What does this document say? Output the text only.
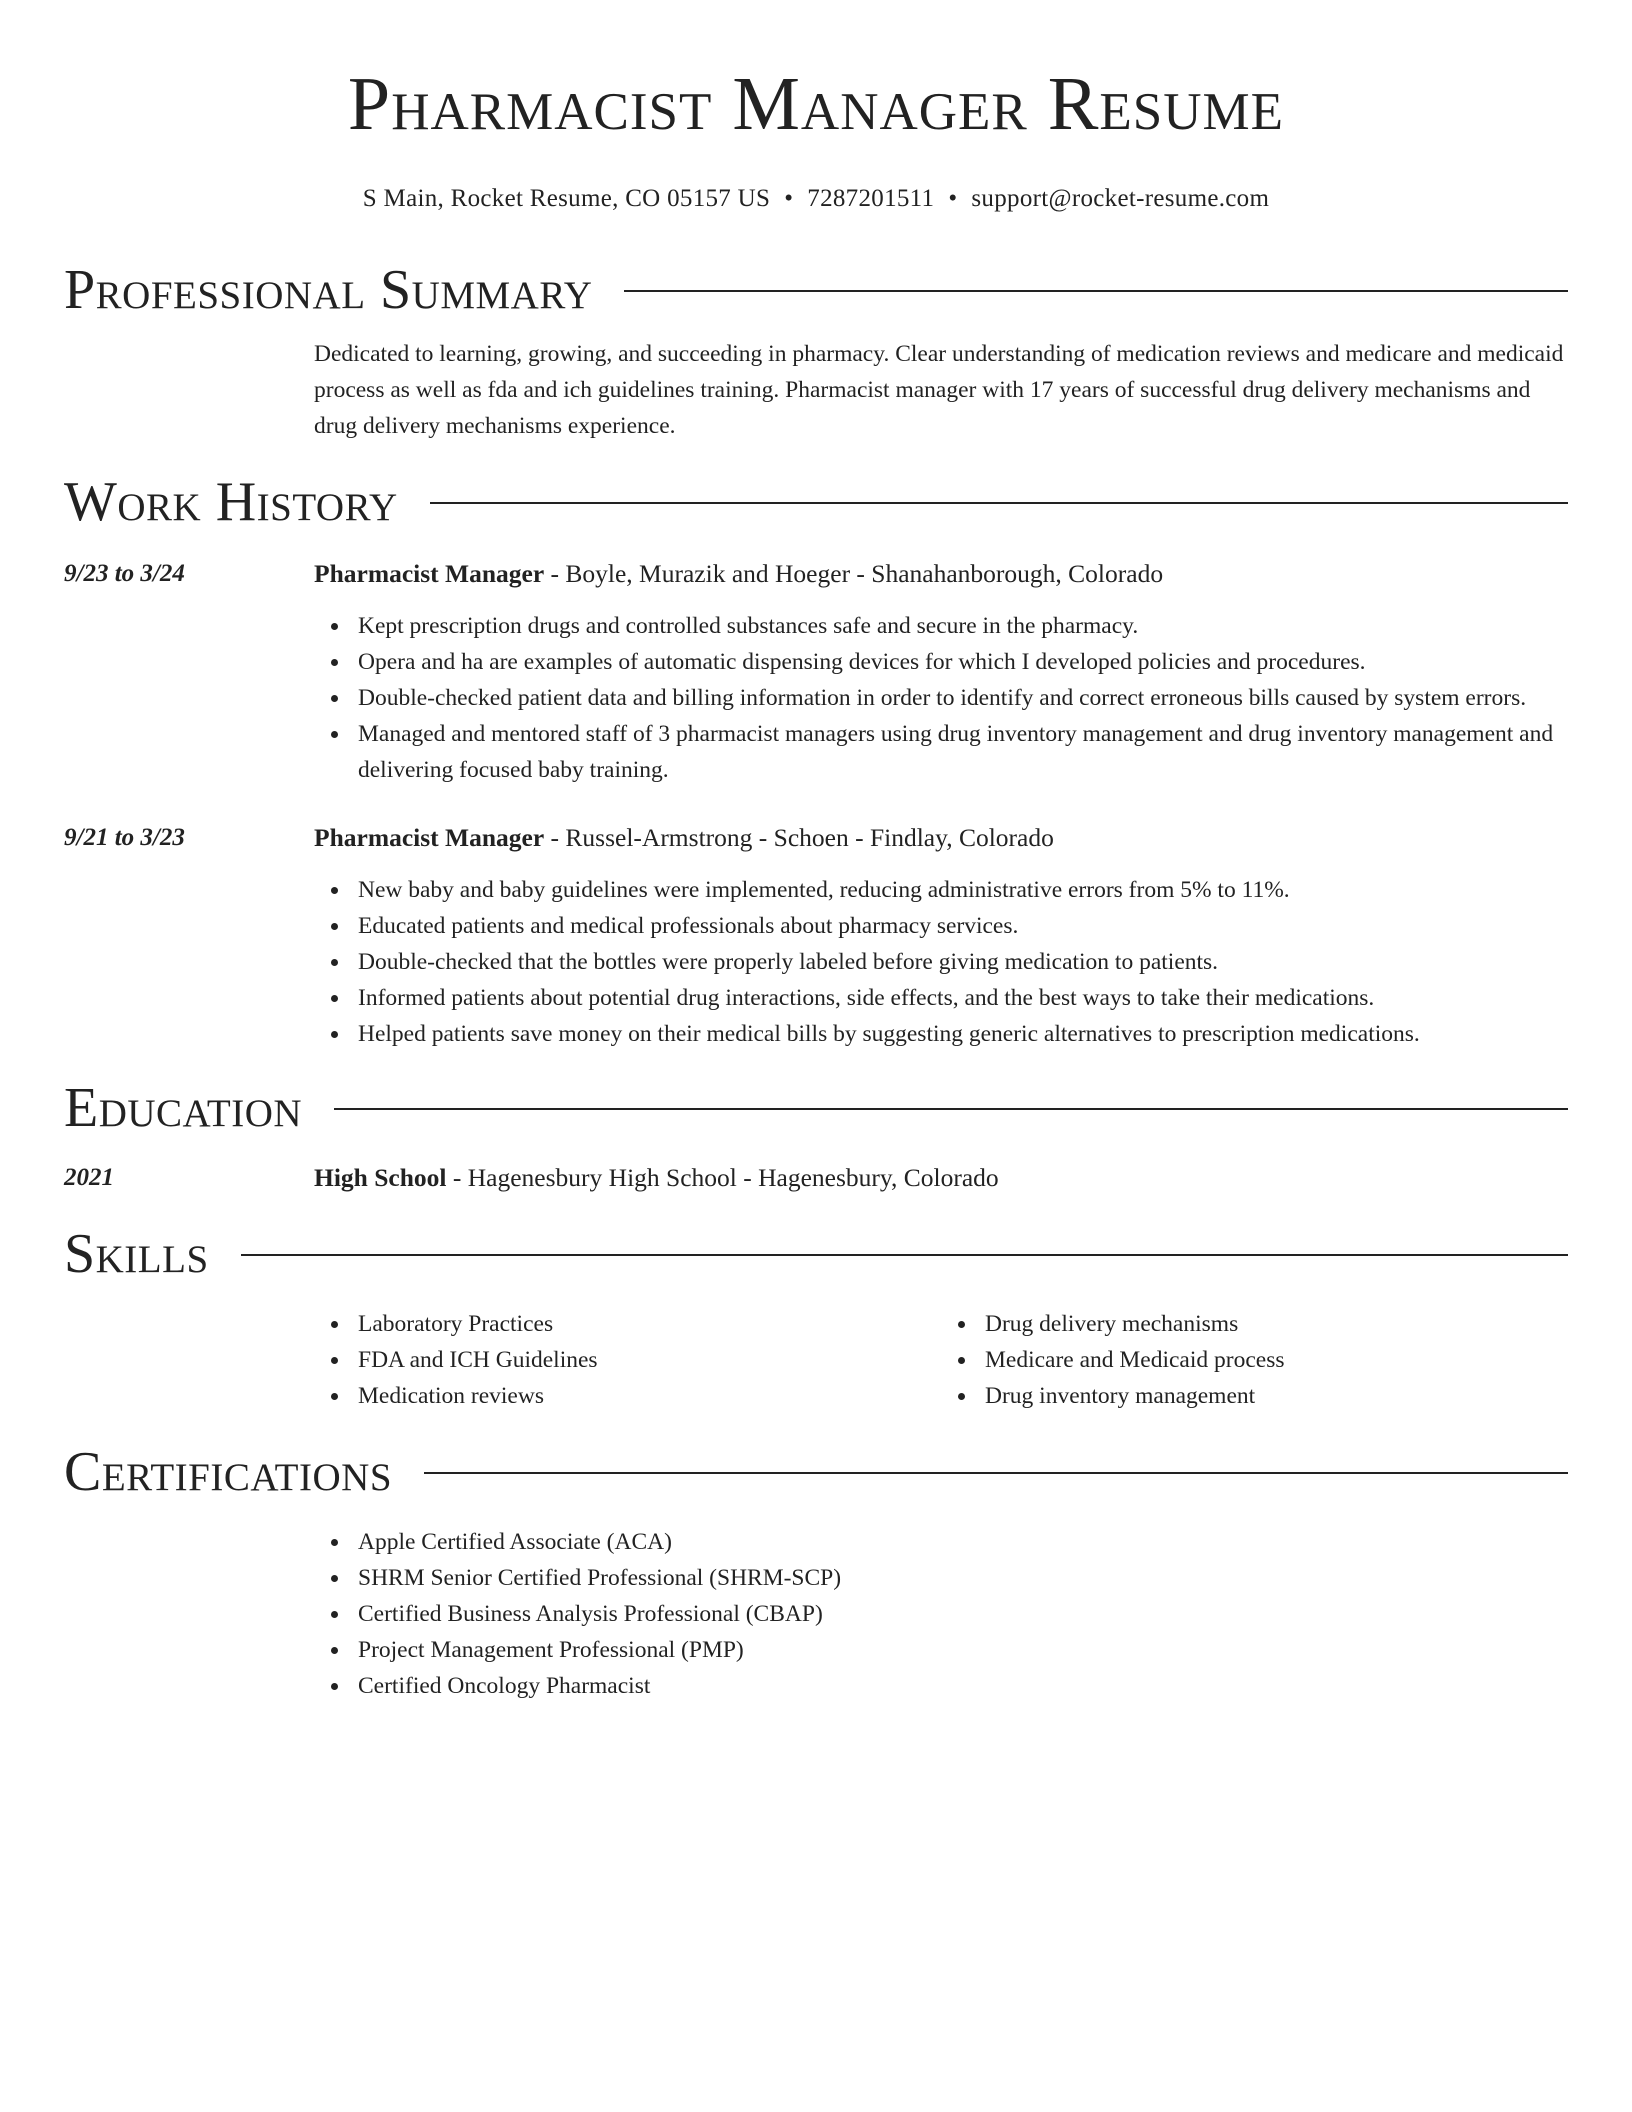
Pharmacist Manager Resume
S Main, Rocket Resume, CO 05157 US • 7287201511 • support@rocket-resume.com
Professional Summary
Dedicated to learning, growing, and succeeding in pharmacy. Clear understanding of medication reviews and medicare and medicaid process as well as fda and ich guidelines training. Pharmacist manager with 17 years of successful drug delivery mechanisms and drug delivery mechanisms experience.
Work History
9/23 to 3/24	Pharmacist Manager - Boyle, Murazik and Hoeger - Shanahanborough, Colorado
Kept prescription drugs and controlled substances safe and secure in the pharmacy.
Opera and ha are examples of automatic dispensing devices for which I developed policies and procedures.
Double-checked patient data and billing information in order to identify and correct erroneous bills caused by system errors.
Managed and mentored staff of 3 pharmacist managers using drug inventory management and drug inventory management and delivering focused baby training.
9/21 to 3/23	Pharmacist Manager - Russel-Armstrong - Schoen - Findlay, Colorado
New baby and baby guidelines were implemented, reducing administrative errors from 5% to 11%.
Educated patients and medical professionals about pharmacy services.
Double-checked that the bottles were properly labeled before giving medication to patients.
Informed patients about potential drug interactions, side effects, and the best ways to take their medications.
Helped patients save money on their medical bills by suggesting generic alternatives to prescription medications.
Education
2021	High School - Hagenesbury High School - Hagenesbury, Colorado
Skills
Laboratory Practices
FDA and ICH Guidelines
Medication reviews
Drug delivery mechanisms
Medicare and Medicaid process
Drug inventory management
Certifications
Apple Certified Associate (ACA)
SHRM Senior Certified Professional (SHRM-SCP)
Certified Business Analysis Professional (CBAP)
Project Management Professional (PMP)
Certified Oncology Pharmacist
